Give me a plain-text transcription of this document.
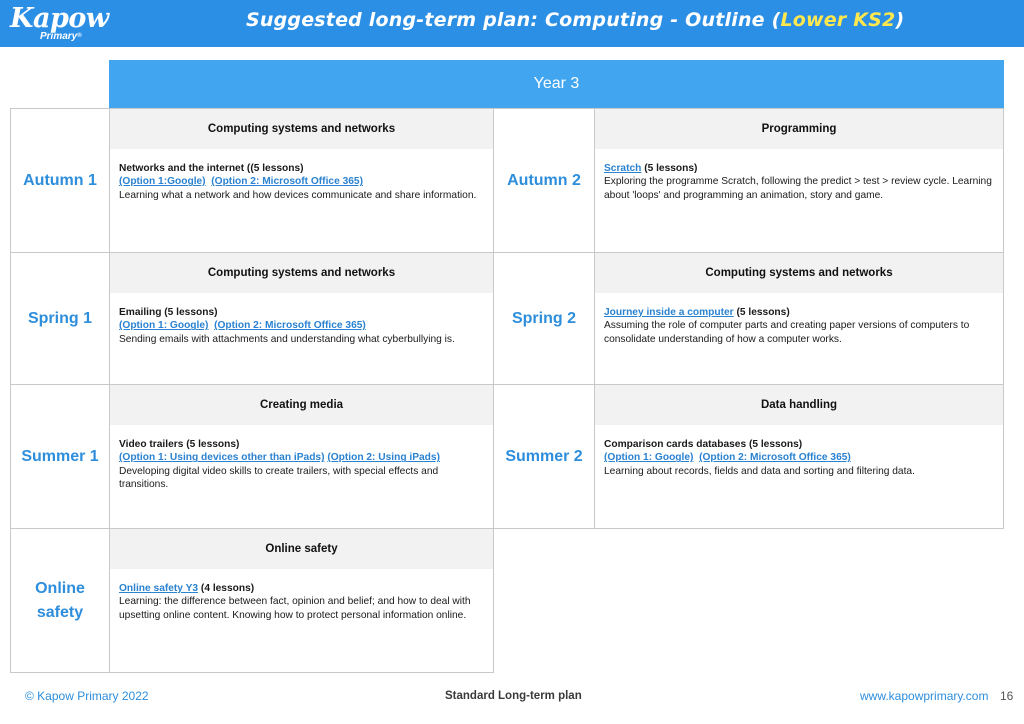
Kapow
Primary®
Suggested long-term plan: Computing - Outline (Lower KS2)
Year 3
Autumn 1
Computing systems and networks
Networks and the internet ((5 lessons)
(Option 1:Google) (Option 2: Microsoft Office 365)
Learning what a network and how devices communicate and share information.
Autumn 2
Programming
Scratch (5 lessons)
Exploring the programme Scratch, following the predict > test > review cycle. Learning about 'loops' and programming an animation, story and game.
Spring 1
Computing systems and networks
Emailing (5 lessons)
(Option 1: Google) (Option 2: Microsoft Office 365)
Sending emails with attachments and understanding what cyberbullying is.
Spring 2
Computing systems and networks
Journey inside a computer (5 lessons)
Assuming the role of computer parts and creating paper versions of computers to consolidate understanding of how a computer works.
Summer 1
Creating media
Video trailers (5 lessons)
(Option 1: Using devices other than iPads) (Option 2: Using iPads)
Developing digital video skills to create trailers, with special effects and transitions.
Summer 2
Data handling
Comparison cards databases (5 lessons)
(Option 1: Google) (Option 2: Microsoft Office 365)
Learning about records, fields and data and sorting and filtering data.
Online
safety
Online safety
Online safety Y3 (4 lessons)
Learning: the difference between fact, opinion and belief; and how to deal with upsetting online content. Knowing how to protect personal information online.
© Kapow Primary 2022	Standard Long-term plan	www.kapowprimary.com 16
